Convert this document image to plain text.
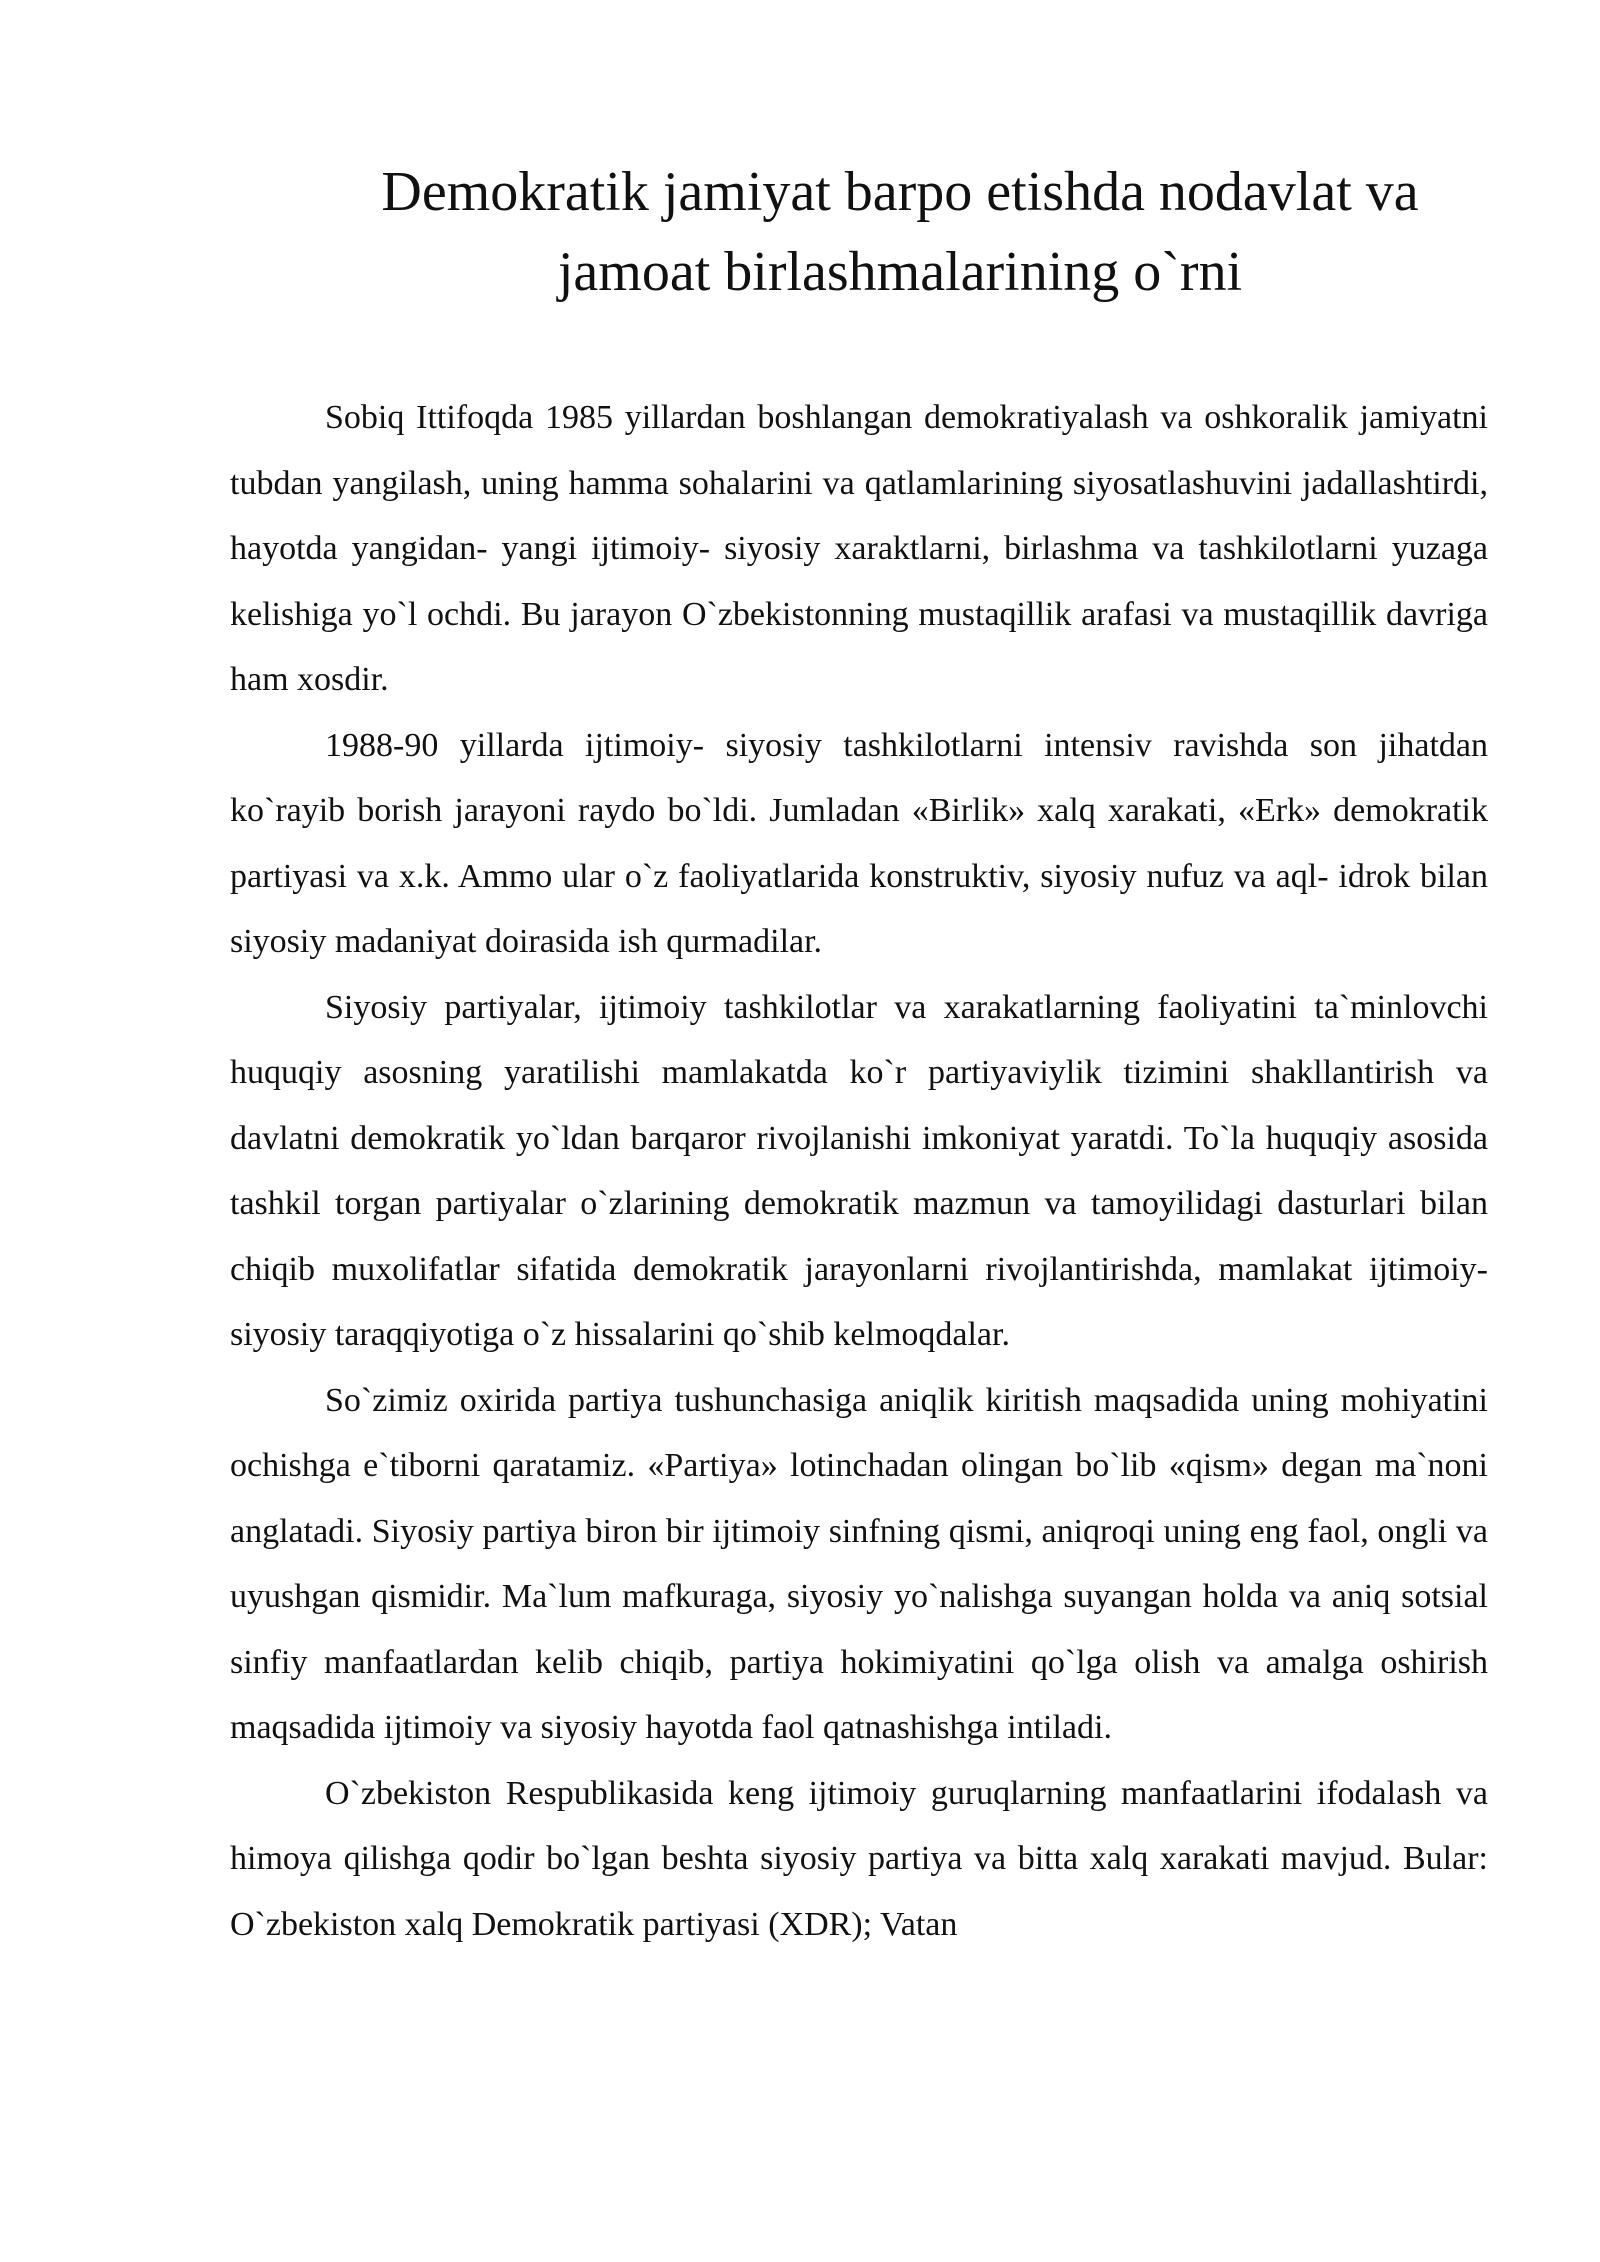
Demokratik jamiyat barpo etishda nodavlat va
jamoat birlashmalarining o`rni

Sobiq Ittifoqda 1985 yillardan boshlangan demokratiyalash va oshkoralik jamiyatni tubdan yangilash, uning hamma sohalarini va qatlamlarining siyosatlashuvini jadallashtirdi, hayotda yangidan- yangi ijtimoiy- siyosiy xaraktlarni, birlashma va tashkilotlarni yuzaga kelishiga yo`l ochdi. Bu jarayon O`zbekistonning mustaqillik arafasi va mustaqillik davriga ham xosdir.

1988-90 yillarda ijtimoiy- siyosiy tashkilotlarni intensiv ravishda son jihatdan ko`rayib borish jarayoni raydo bo`ldi. Jumladan «Birlik» xalq xarakati, «Erk» demokratik partiyasi va x.k. Ammo ular o`z faoliyatlarida konstruktiv, siyosiy nufuz va aql- idrok bilan siyosiy madaniyat doirasida ish qurmadilar.

Siyosiy partiyalar, ijtimoiy tashkilotlar va xarakatlarning faoliyatini ta`minlovchi huquqiy asosning yaratilishi mamlakatda ko`r partiyaviylik tizimini shakllantirish va davlatni demokratik yo`ldan barqaror rivojlanishi imkoniyat yaratdi. To`la huquqiy asosida tashkil torgan partiyalar o`zlarining demokratik mazmun va tamoyilidagi dasturlari bilan chiqib muxolifatlar sifatida demokratik jarayonlarni rivojlantirishda, mamlakat ijtimoiy- siyosiy taraqqiyotiga o`z hissalarini qo`shib kelmoqdalar.

So`zimiz oxirida partiya tushunchasiga aniqlik kiritish maqsadida uning mohiyatini ochishga e`tiborni qaratamiz. «Partiya» lotinchadan olingan bo`lib «qism» degan ma`noni anglatadi. Siyosiy partiya biron bir ijtimoiy sinfning qismi, aniqroqi uning eng faol, ongli va uyushgan qismidir. Ma`lum mafkuraga, siyosiy yo`nalishga suyangan holda va aniq sotsial sinfiy manfaatlardan kelib chiqib, partiya hokimiyatini qo`lga olish va amalga oshirish maqsadida ijtimoiy va siyosiy hayotda faol qatnashishga intiladi.

O`zbekiston Respublikasida keng ijtimoiy guruqlarning manfaatlarini ifodalash va himoya qilishga qodir bo`lgan beshta siyosiy partiya va bitta xalq xarakati mavjud. Bular: O`zbekiston xalq Demokratik partiyasi (XDR); Vatan
